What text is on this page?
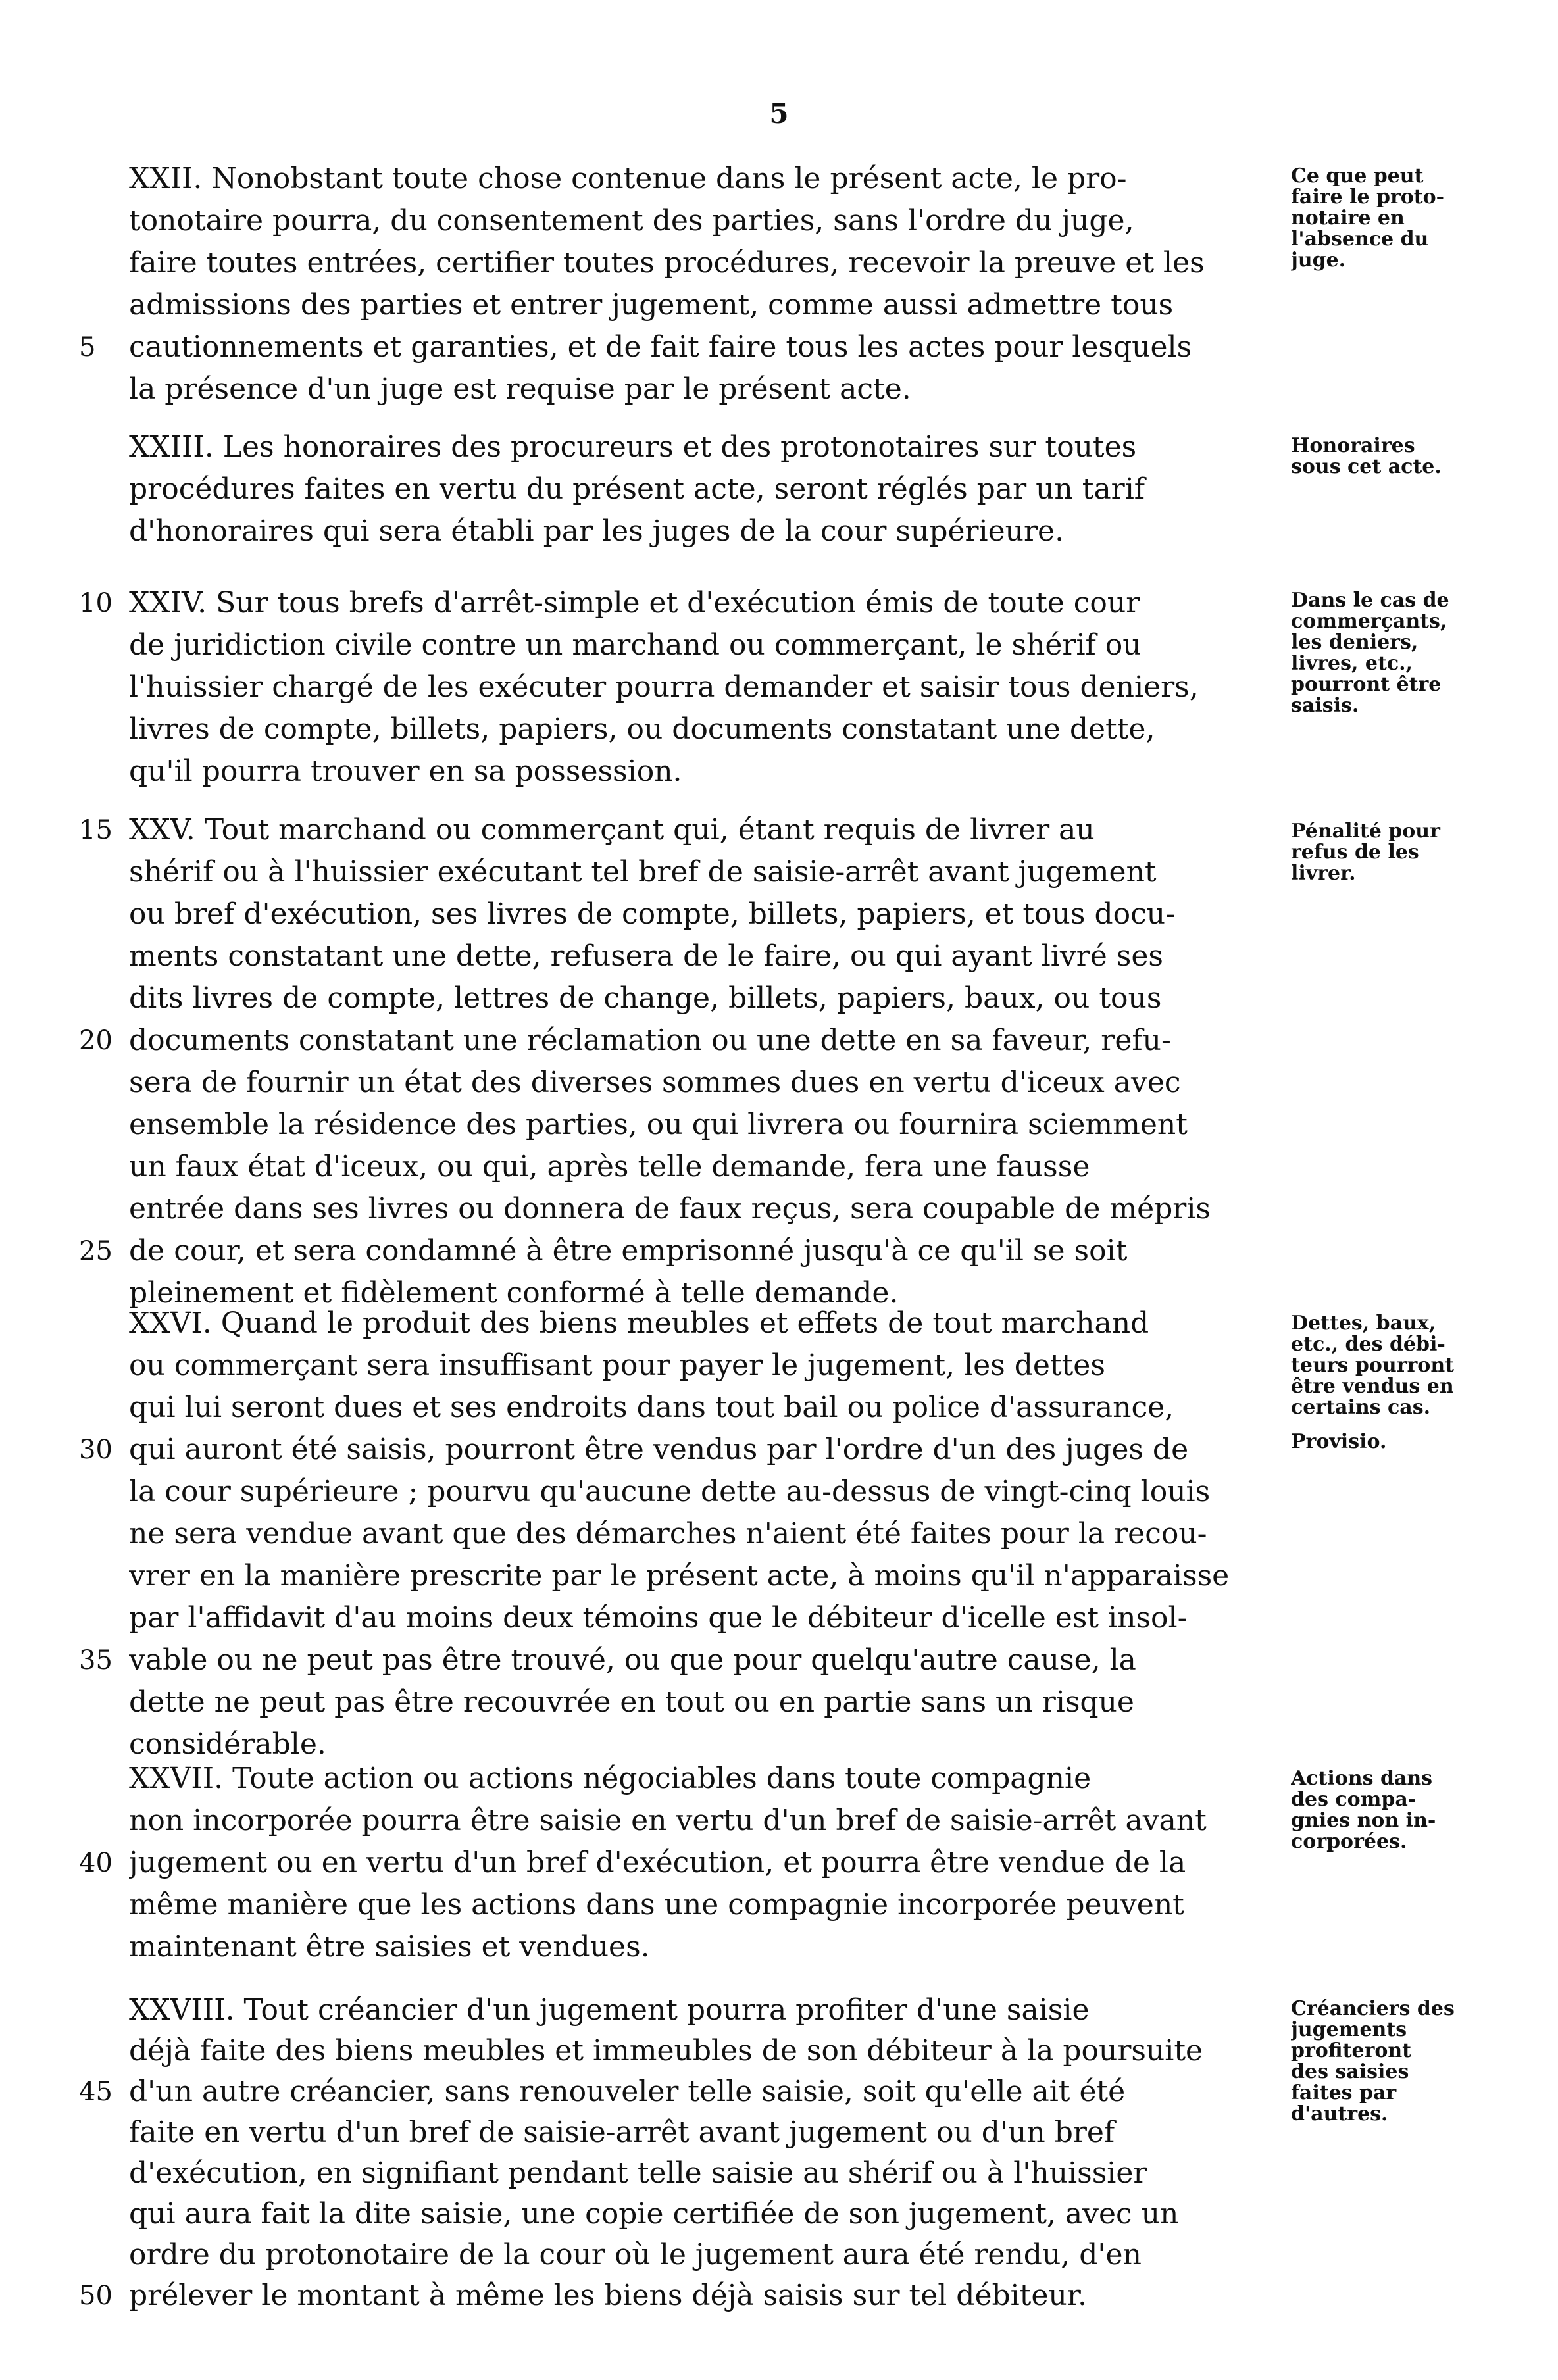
5
XXII. Nonobstant toute chose contenue dans le présent acte, le pro-
tonotaire pourra, du consentement des parties, sans l'ordre du juge,
faire toutes entrées, certifier toutes procédures, recevoir la preuve et les
admissions des parties et entrer jugement, comme aussi admettre tous
5	cautionnements et garanties, et de fait faire tous les actes pour lesquels
la présence d'un juge est requise par le présent acte.
Ce que peut
faire le proto-
notaire en
l'absence du
juge.
XXIII. Les honoraires des procureurs et des protonotaires sur toutes
procédures faites en vertu du présent acte, seront réglés par un tarif
d'honoraires qui sera établi par les juges de la cour supérieure.
Honoraires
sous cet acte.
10 XXIV. Sur tous brefs d'arrêt-simple et d'exécution émis de toute cour
de juridiction civile contre un marchand ou commerçant, le shérif ou
l'huissier chargé de les exécuter pourra demander et saisir tous deniers,
livres de compte, billets, papiers, ou documents constatant une dette,
qu'il pourra trouver en sa possession.
Dans le cas de
commerçants,
les deniers,
livres, etc.,
pourront être
saisis.
15 XXV. Tout marchand ou commerçant qui, étant requis de livrer au
shérif ou à l'huissier exécutant tel bref de saisie-arrêt avant jugement
ou bref d'exécution, ses livres de compte, billets, papiers, et tous docu-
ments constatant une dette, refusera de le faire, ou qui ayant livré ses
dits livres de compte, lettres de change, billets, papiers, baux, ou tous
20 documents constatant une réclamation ou une dette en sa faveur, refu-
sera de fournir un état des diverses sommes dues en vertu d'iceux avec
ensemble la résidence des parties, ou qui livrera ou fournira sciemment
un faux état d'iceux, ou qui, après telle demande, fera une fausse
entrée dans ses livres ou donnera de faux reçus, sera coupable de mépris
25 de cour, et sera condamné à être emprisonné jusqu'à ce qu'il se soit
pleinement et fidèlement conformé à telle demande.
Pénalité pour
refus de les
livrer.
XXVI. Quand le produit des biens meubles et effets de tout marchand
ou commerçant sera insuffisant pour payer le jugement, les dettes
qui lui seront dues et ses endroits dans tout bail ou police d'assurance,
30 qui auront été saisis, pourront être vendus par l'ordre d'un des juges de
la cour supérieure ; pourvu qu'aucune dette au-dessus de vingt-cinq louis
ne sera vendue avant que des démarches n'aient été faites pour la recou-
vrer en la manière prescrite par le présent acte, à moins qu'il n'apparaisse
par l'affidavit d'au moins deux témoins que le débiteur d'icelle est insol-
35 vable ou ne peut pas être trouvé, ou que pour quelqu'autre cause, la
dette ne peut pas être recouvrée en tout ou en partie sans un risque
considérable.
Dettes, baux,
etc., des débi-
teurs pourront
être vendus en
certains cas.
Provisio.
XXVII. Toute action ou actions négociables dans toute compagnie
non incorporée pourra être saisie en vertu d'un bref de saisie-arrêt avant
40 jugement ou en vertu d'un bref d'exécution, et pourra être vendue de la
même manière que les actions dans une compagnie incorporée peuvent
maintenant être saisies et vendues.
Actions dans
des compa-
gnies non in-
corporées.
XXVIII. Tout créancier d'un jugement pourra profiter d'une saisie
déjà faite des biens meubles et immeubles de son débiteur à la poursuite
45 d'un autre créancier, sans renouveler telle saisie, soit qu'elle ait été
faite en vertu d'un bref de saisie-arrêt avant jugement ou d'un bref
d'exécution, en signifiant pendant telle saisie au shérif ou à l'huissier
qui aura fait la dite saisie, une copie certifiée de son jugement, avec un
ordre du protonotaire de la cour où le jugement aura été rendu, d'en
50 prélever le montant à même les biens déjà saisis sur tel débiteur.
Créanciers des
jugements
profiteront
des saisies
faites par
d'autres.
